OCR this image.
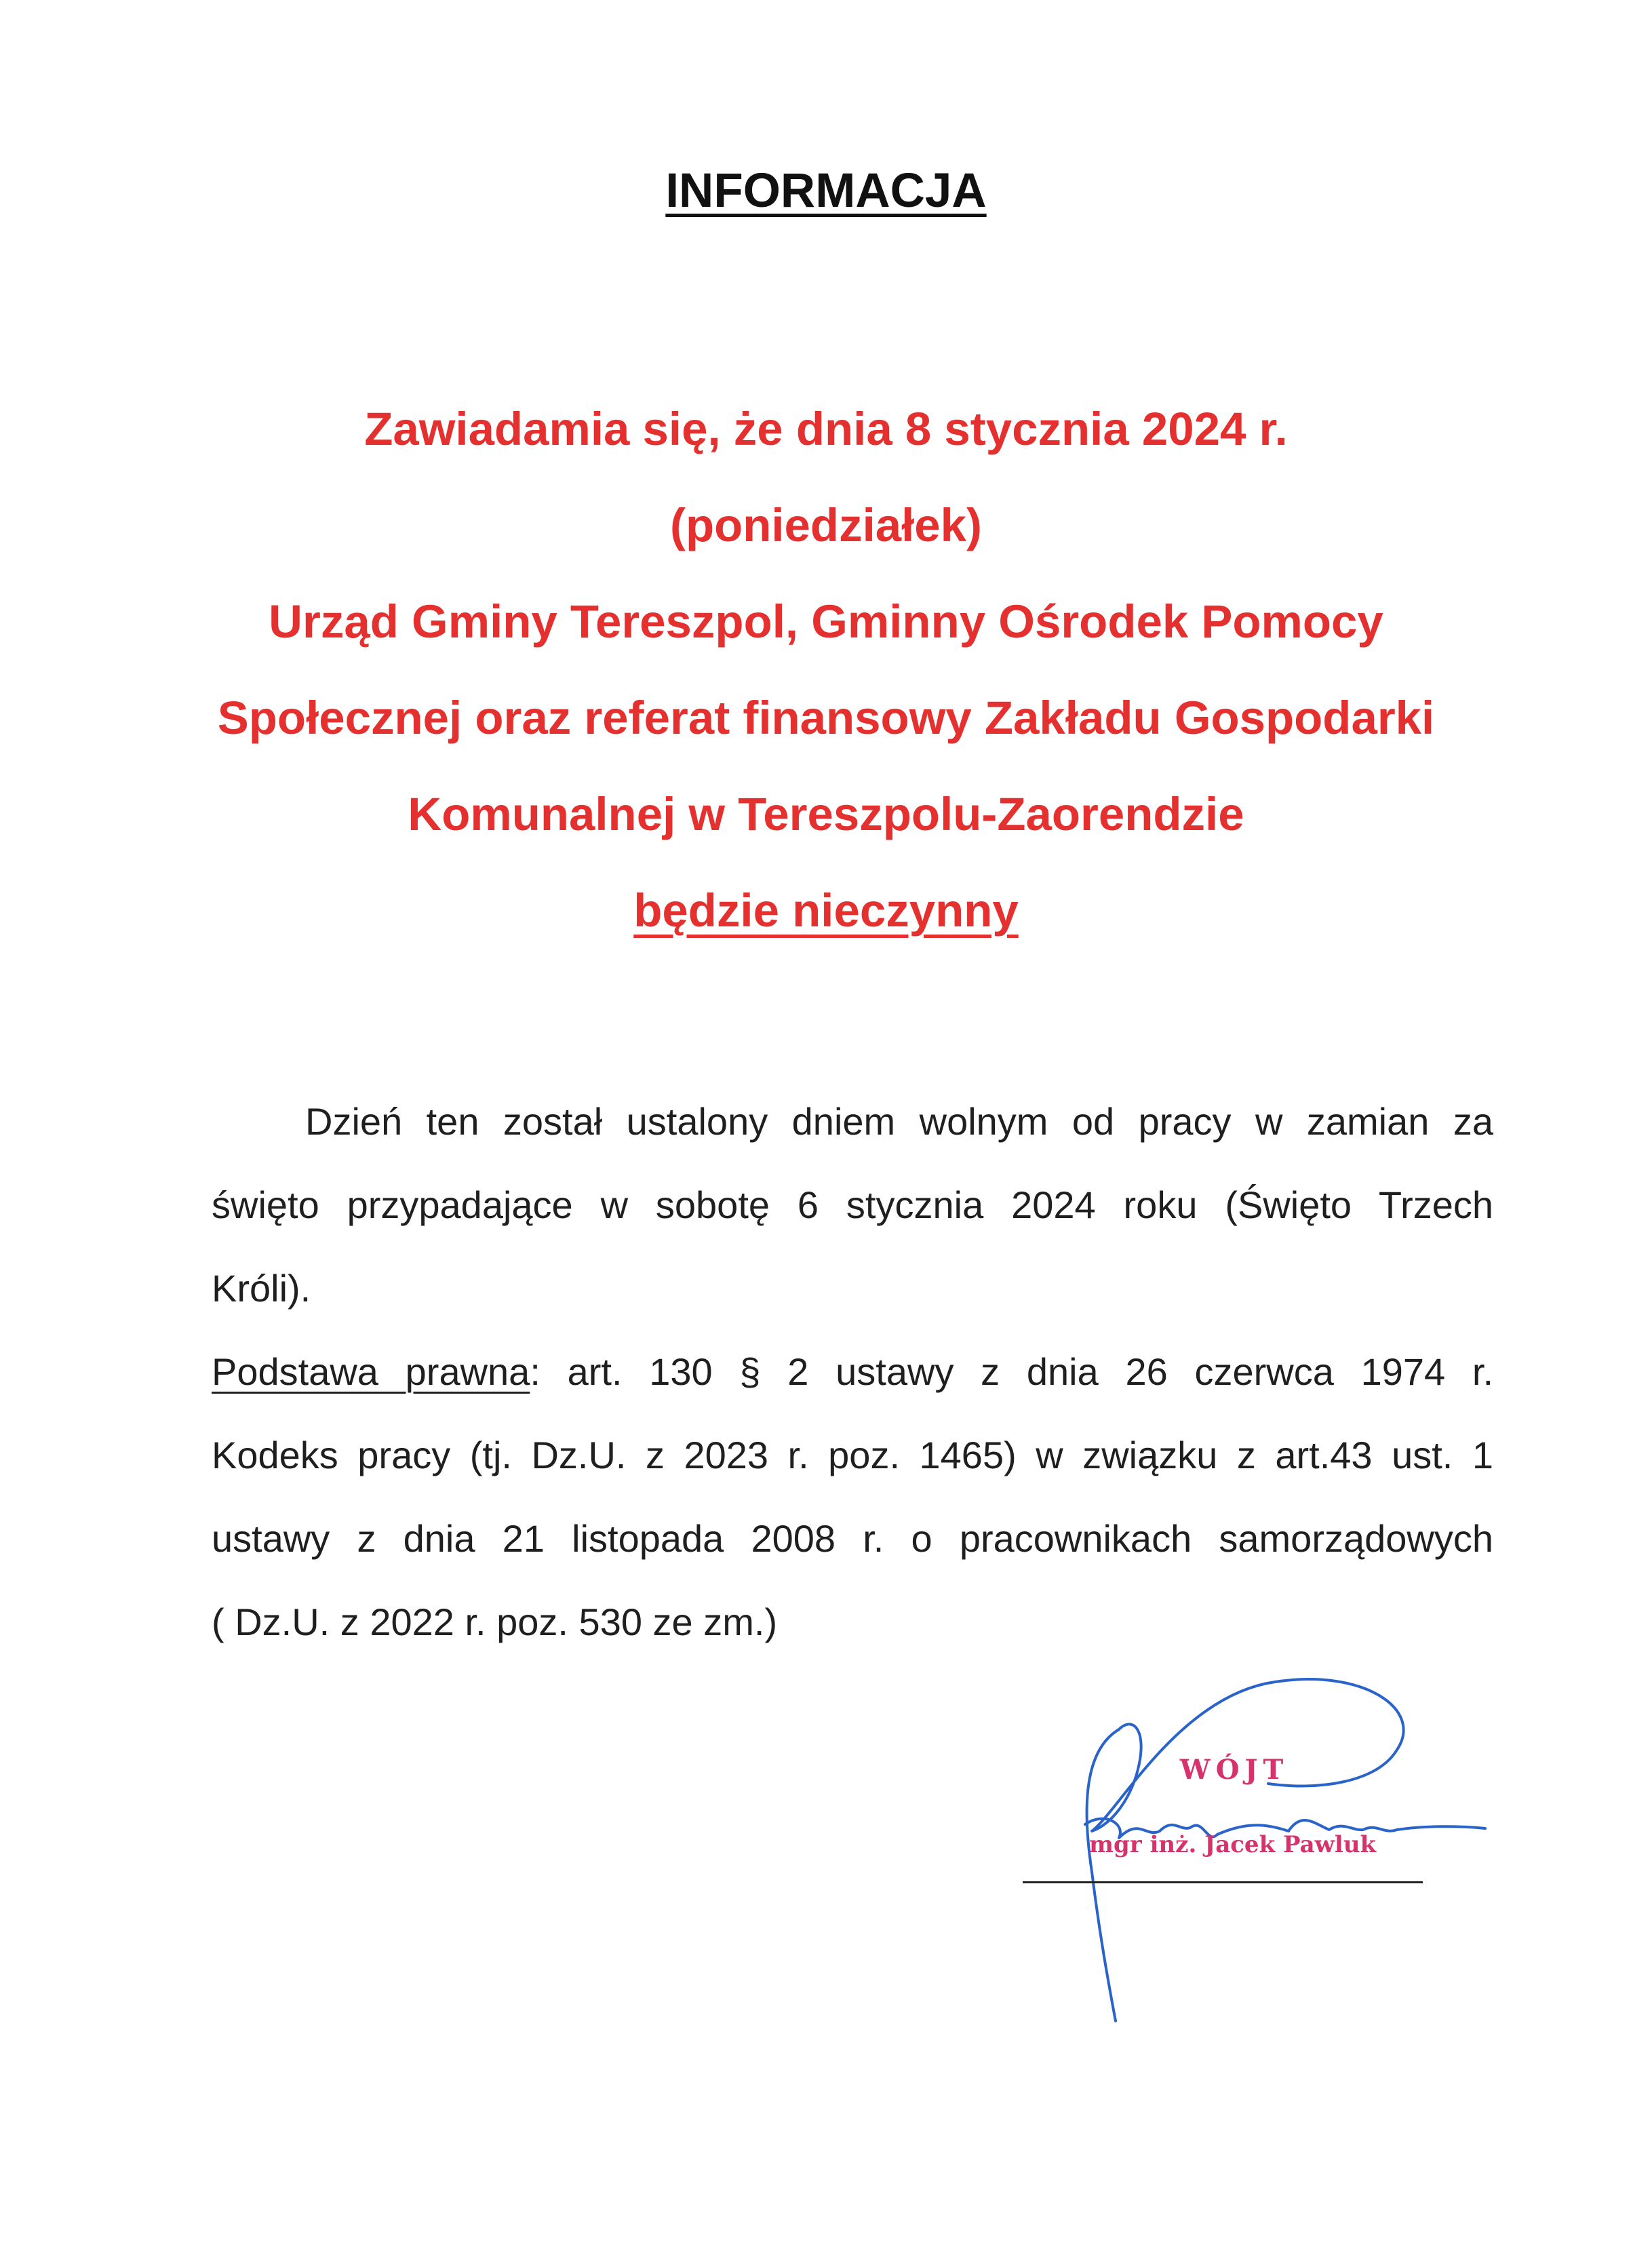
INFORMACJA
Zawiadamia się, że dnia 8 stycznia 2024 r.
(poniedziałek)
Urząd Gminy Tereszpol, Gminny Ośrodek Pomocy
Społecznej oraz referat finansowy Zakładu Gospodarki
Komunalnej w Tereszpolu-Zaorendzie
będzie nieczynny
Dzień ten został ustalony dniem wolnym od pracy w zamian za
święto przypadające w sobotę 6 stycznia 2024 roku (Święto Trzech
Króli).
Podstawa prawna: art. 130 § 2 ustawy z dnia 26 czerwca 1974 r.
Kodeks pracy (tj. Dz.U. z 2023 r. poz. 1465) w związku z art.43 ust. 1
ustawy z dnia 21 listopada 2008 r. o pracownikach samorządowych
( Dz.U. z 2022 r. poz. 530 ze zm.)
WÓJT
mgr inż. Jacek Pawluk
